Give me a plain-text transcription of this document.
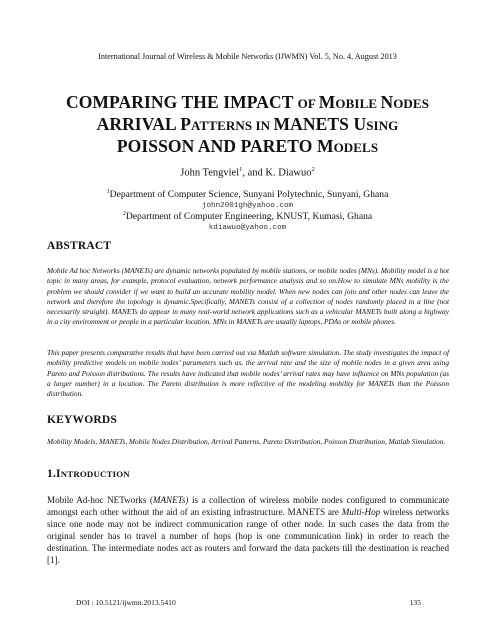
International Journal of Wireless & Mobile Networks (IJWMN) Vol. 5, No. 4, August 2013
COMPARING THE IMPACT OF MOBILE NODES
ARRIVAL PATTERNS IN MANETS USING
POISSON AND PARETO MODELS
John Tengviel$^1$, and K. Diawuo$^2$
$^1$Department of Computer Science, Sunyani Polytechnic, Sunyani, Ghana
john2001gh@yahoo.com
$^2$Department of Computer Engineering, KNUST, Kumasi, Ghana
kdiawuo@yahoo.com
ABSTRACT
Mobile Ad hoc Networks (MANETs) are dynamic networks populated by mobile stations, or mobile nodes (MNs). Mobility model is a hot topic in many areas, for example, protocol evaluation, network performance analysis and so on.How to simulate MNs mobility is the problem we should consider if we want to build an accurate mobility model. When new nodes can join and other nodes can leave the network and therefore the topology is dynamic.Specifically, MANETs consist of a collection of nodes randomly placed in a line (not necessarily straight). MANETs do appear in many real-world network applications such as a vehicular MANETs built along a highway in a city environment or people in a particular location. MNs in MANETs are usually laptops, PDAs or mobile phones.
This paper presents comparative results that have been carried out via Matlab software simulation. The study investigates the impact of mobility predictive models on mobile nodes’ parameters such as, the arrival rate and the size of mobile nodes in a given area using Pareto and Poisson distributions. The results have indicated that mobile nodes’ arrival rates may have influence on MNs population (as a larger number) in a location. The Pareto distribution is more reflective of the modeling mobility for MANETs than the Poisson distribution.
KEYWORDS
Mobility Models, MANETs, Mobile Nodes Distribution, Arrival Patterns, Pareto Distribution, Poisson Distribution, Matlab Simulation.
1.INTRODUCTION
Mobile Ad-hoc NETworks (MANETs) is a collection of wireless mobile nodes configured to communicate amongst each other without the aid of an existing infrastructure. MANETS are Multi-Hop wireless networks since one node may not be indirect communication range of other node. In such cases the data from the original sender has to travel a number of hops (hop is one communication link) in order to reach the destination. The intermediate nodes act as routers and forward the data packets till the destination is reached [1].
DOI : 10.5121/ijwmn.2013.5410	135
